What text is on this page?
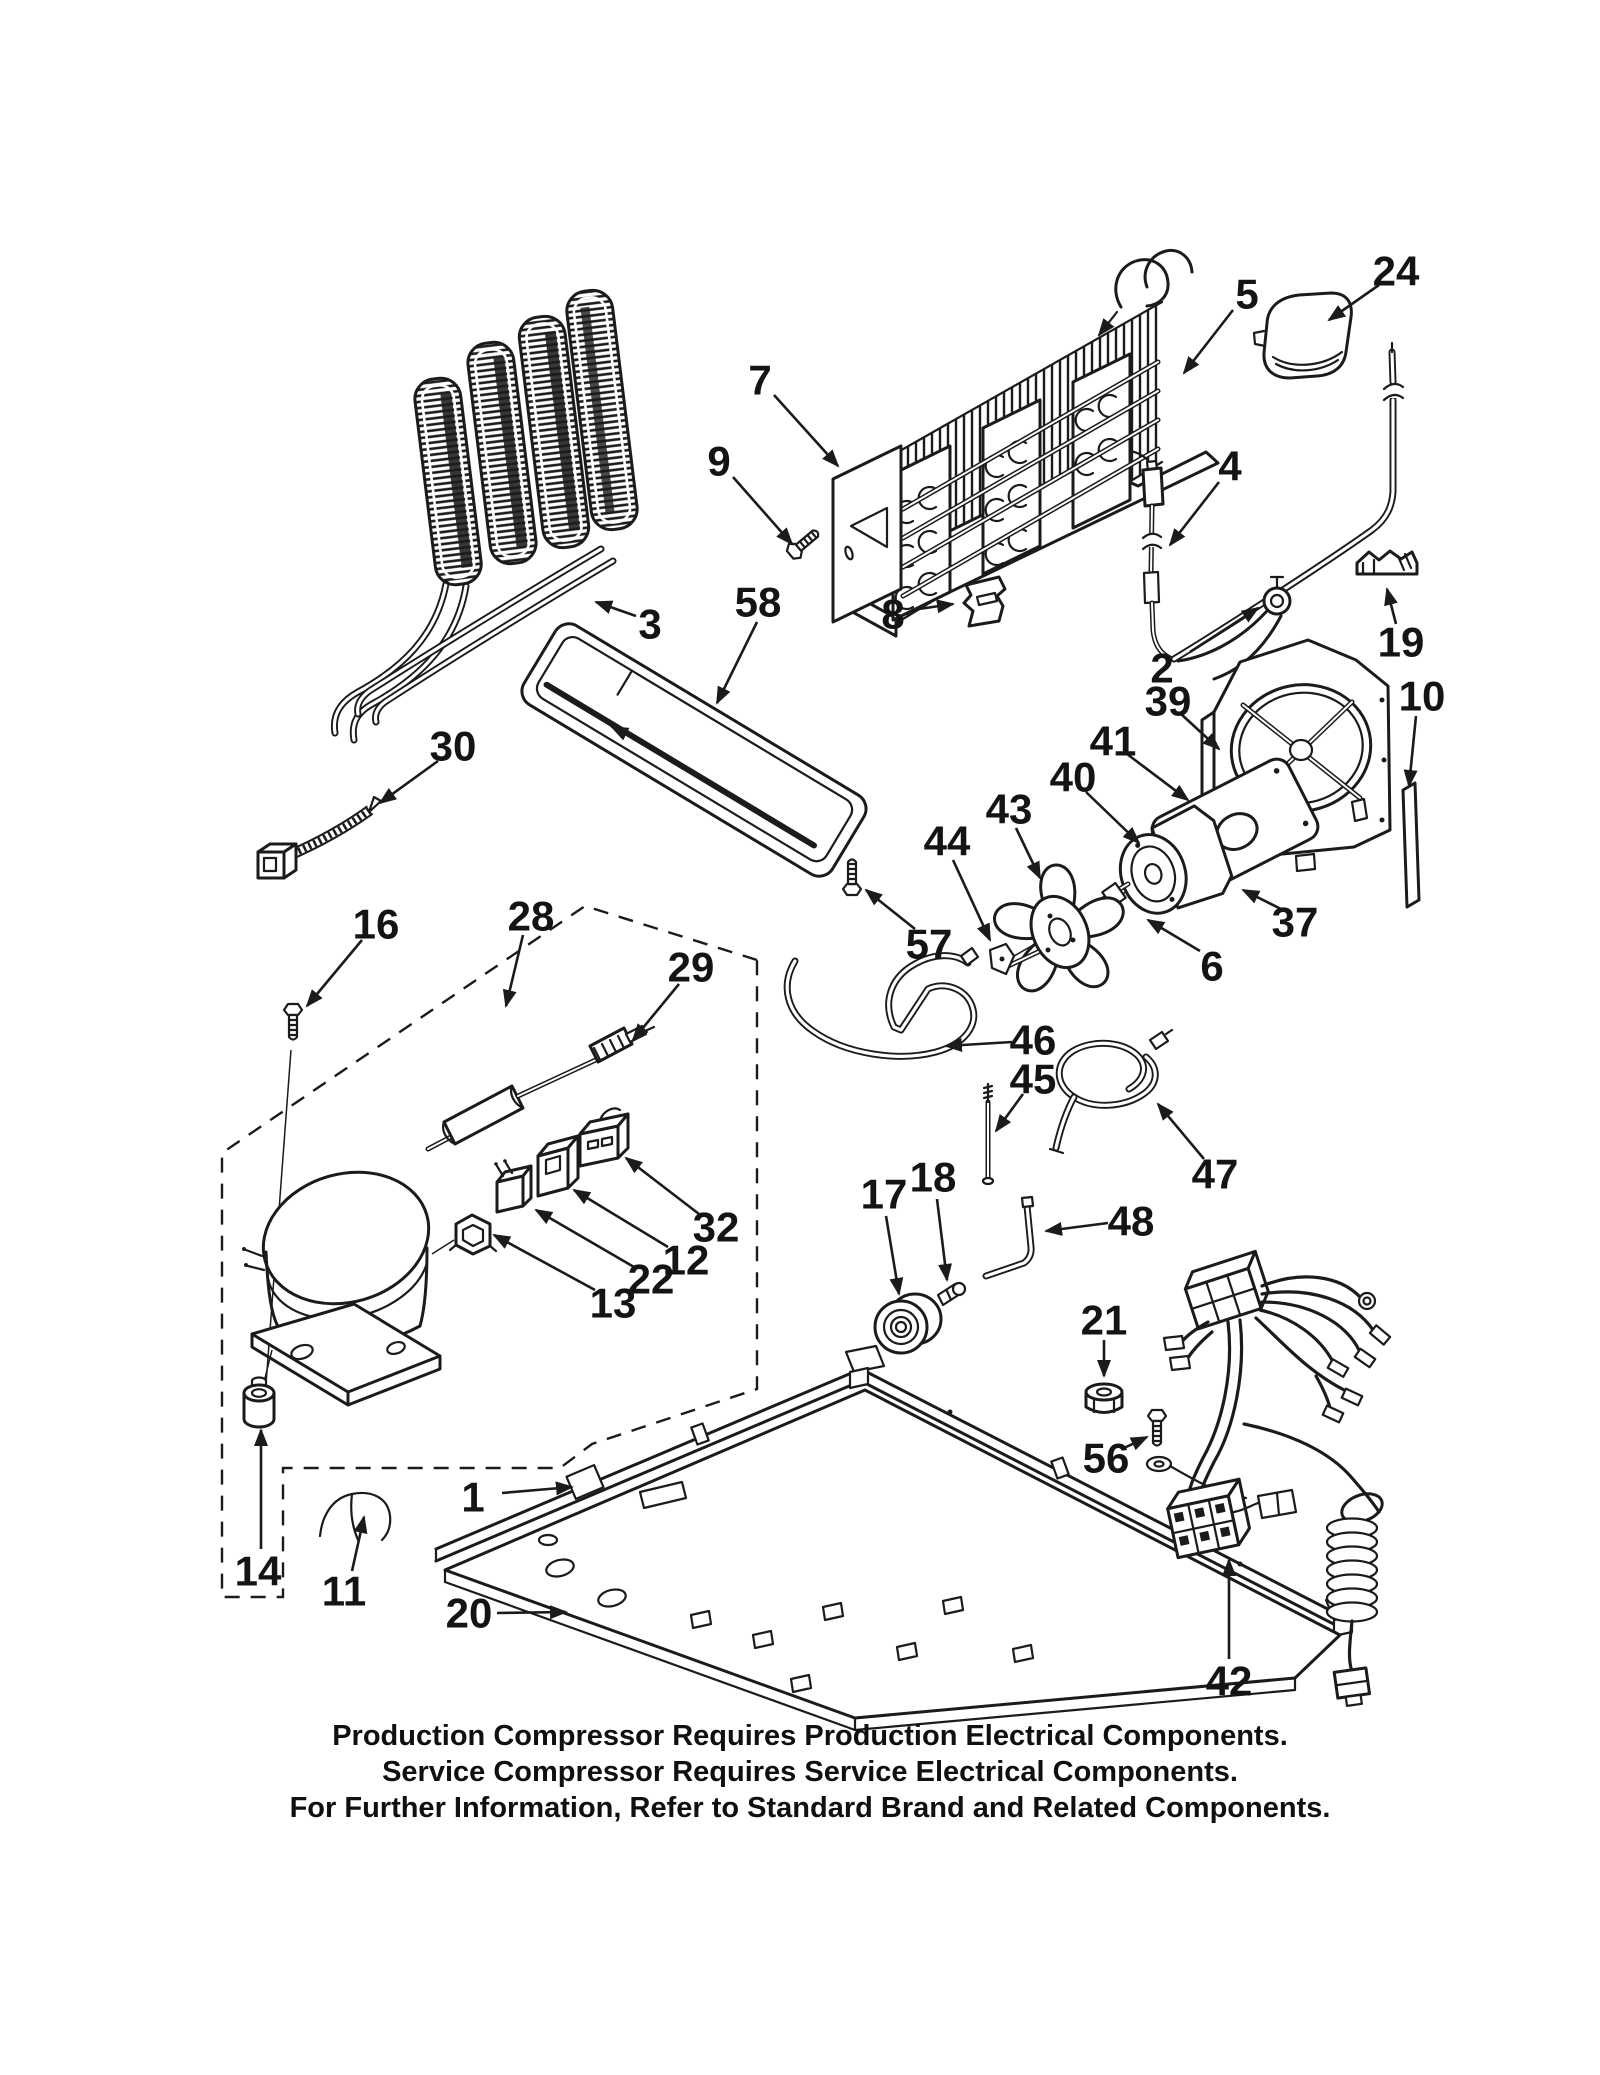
1
2
3
4
5
6
7
8
9
10
11
12
13
14
16
17 18
19
20
21
22
24
28
29
30
32
37
39
40
41
42
43
44
45
46
47
48
56
57
58
Production Compressor Requires Production Electrical Components.
Service Compressor Requires Service Electrical Components.
For Further Information, Refer to Standard Brand and Related Components.
